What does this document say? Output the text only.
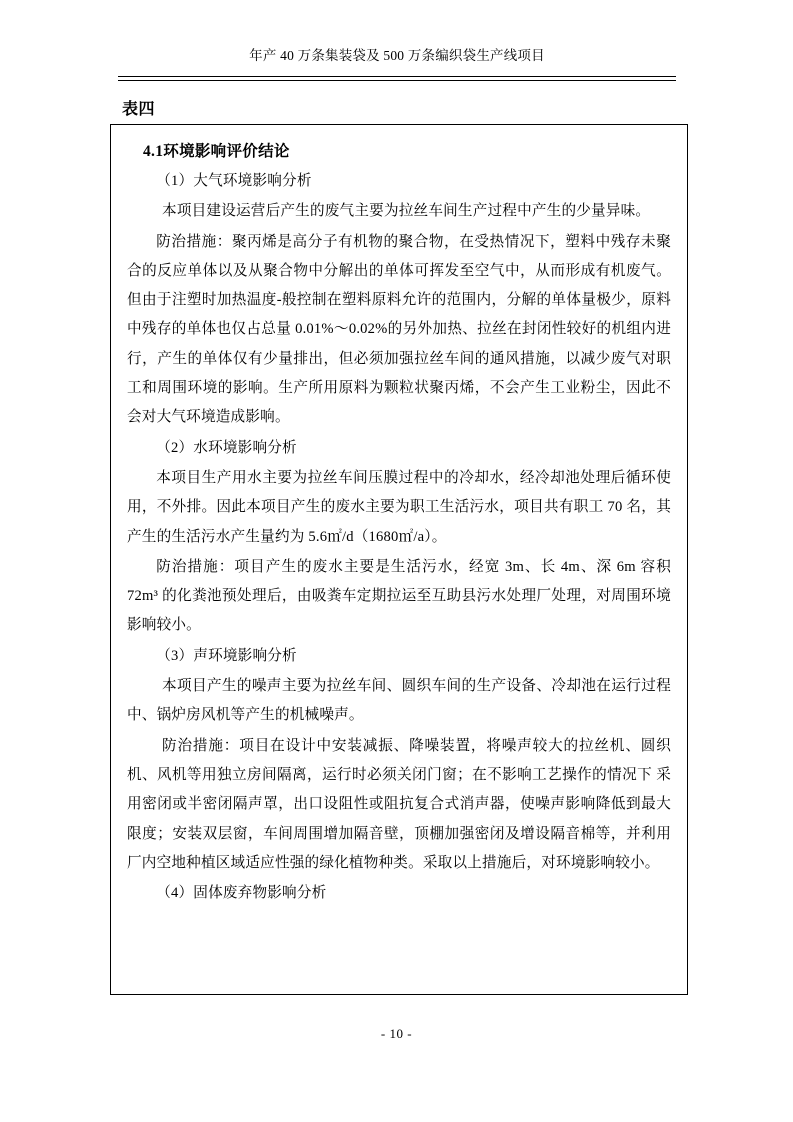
年产 40 万条集装袋及 500 万条编织袋生产线项目
表四
4.1环境影响评价结论

（1）大气环境影响分析

本项目建设运营后产生的废气主要为拉丝车间生产过程中产生的少量异味。

防治措施：聚丙烯是高分子有机物的聚合物，在受热情况下，塑料中残存未聚合的反应单体以及从聚合物中分解出的单体可挥发至空气中，从而形成有机废气。但由于注塑时加热温度-般控制在塑料原料允许的范围内，分解的单体量极少，原料中残存的单体也仅占总量 0.01%～0.02%的另外加热、拉丝在封闭性较好的机组内进行，产生的单体仅有少量排出，但必须加强拉丝车间的通风措施，以减少废气对职工和周围环境的影响。生产所用原料为颗粒状聚丙烯，不会产生工业粉尘，因此不会对大气环境造成影响。

（2）水环境影响分析

本项目生产用水主要为拉丝车间压膜过程中的冷却水，经冷却池处理后循环使用，不外排。因此本项目产生的废水主要为职工生活污水，项目共有职工 70 名，其产生的生活污水产生量约为 5.6㎡/d（1680㎡/a）。

防治措施：项目产生的废水主要是生活污水，经宽 3m、长 4m、深 6m 容积 72m³ 的化粪池预处理后，由吸粪车定期拉运至互助县污水处理厂处理，对周围环境影响较小。

（3）声环境影响分析

本项目产生的噪声主要为拉丝车间、圆织车间的生产设备、冷却池在运行过程中、锅炉房风机等产生的机械噪声。

防治措施：项目在设计中安装减振、降噪装置，将噪声较大的拉丝机、圆织机、风机等用独立房间隔离，运行时必须关闭门窗；在不影响工艺操作的情况下 采用密闭或半密闭隔声罩，出口设阻性或阻抗复合式消声器，使噪声影响降低到最大限度；安装双层窗，车间周围增加隔音壁，顶棚加强密闭及增设隔音棉等，并利用厂内空地种植区域适应性强的绿化植物种类。采取以上措施后，对环境影响较小。

（4）固体废弃物影响分析

- 10 -
